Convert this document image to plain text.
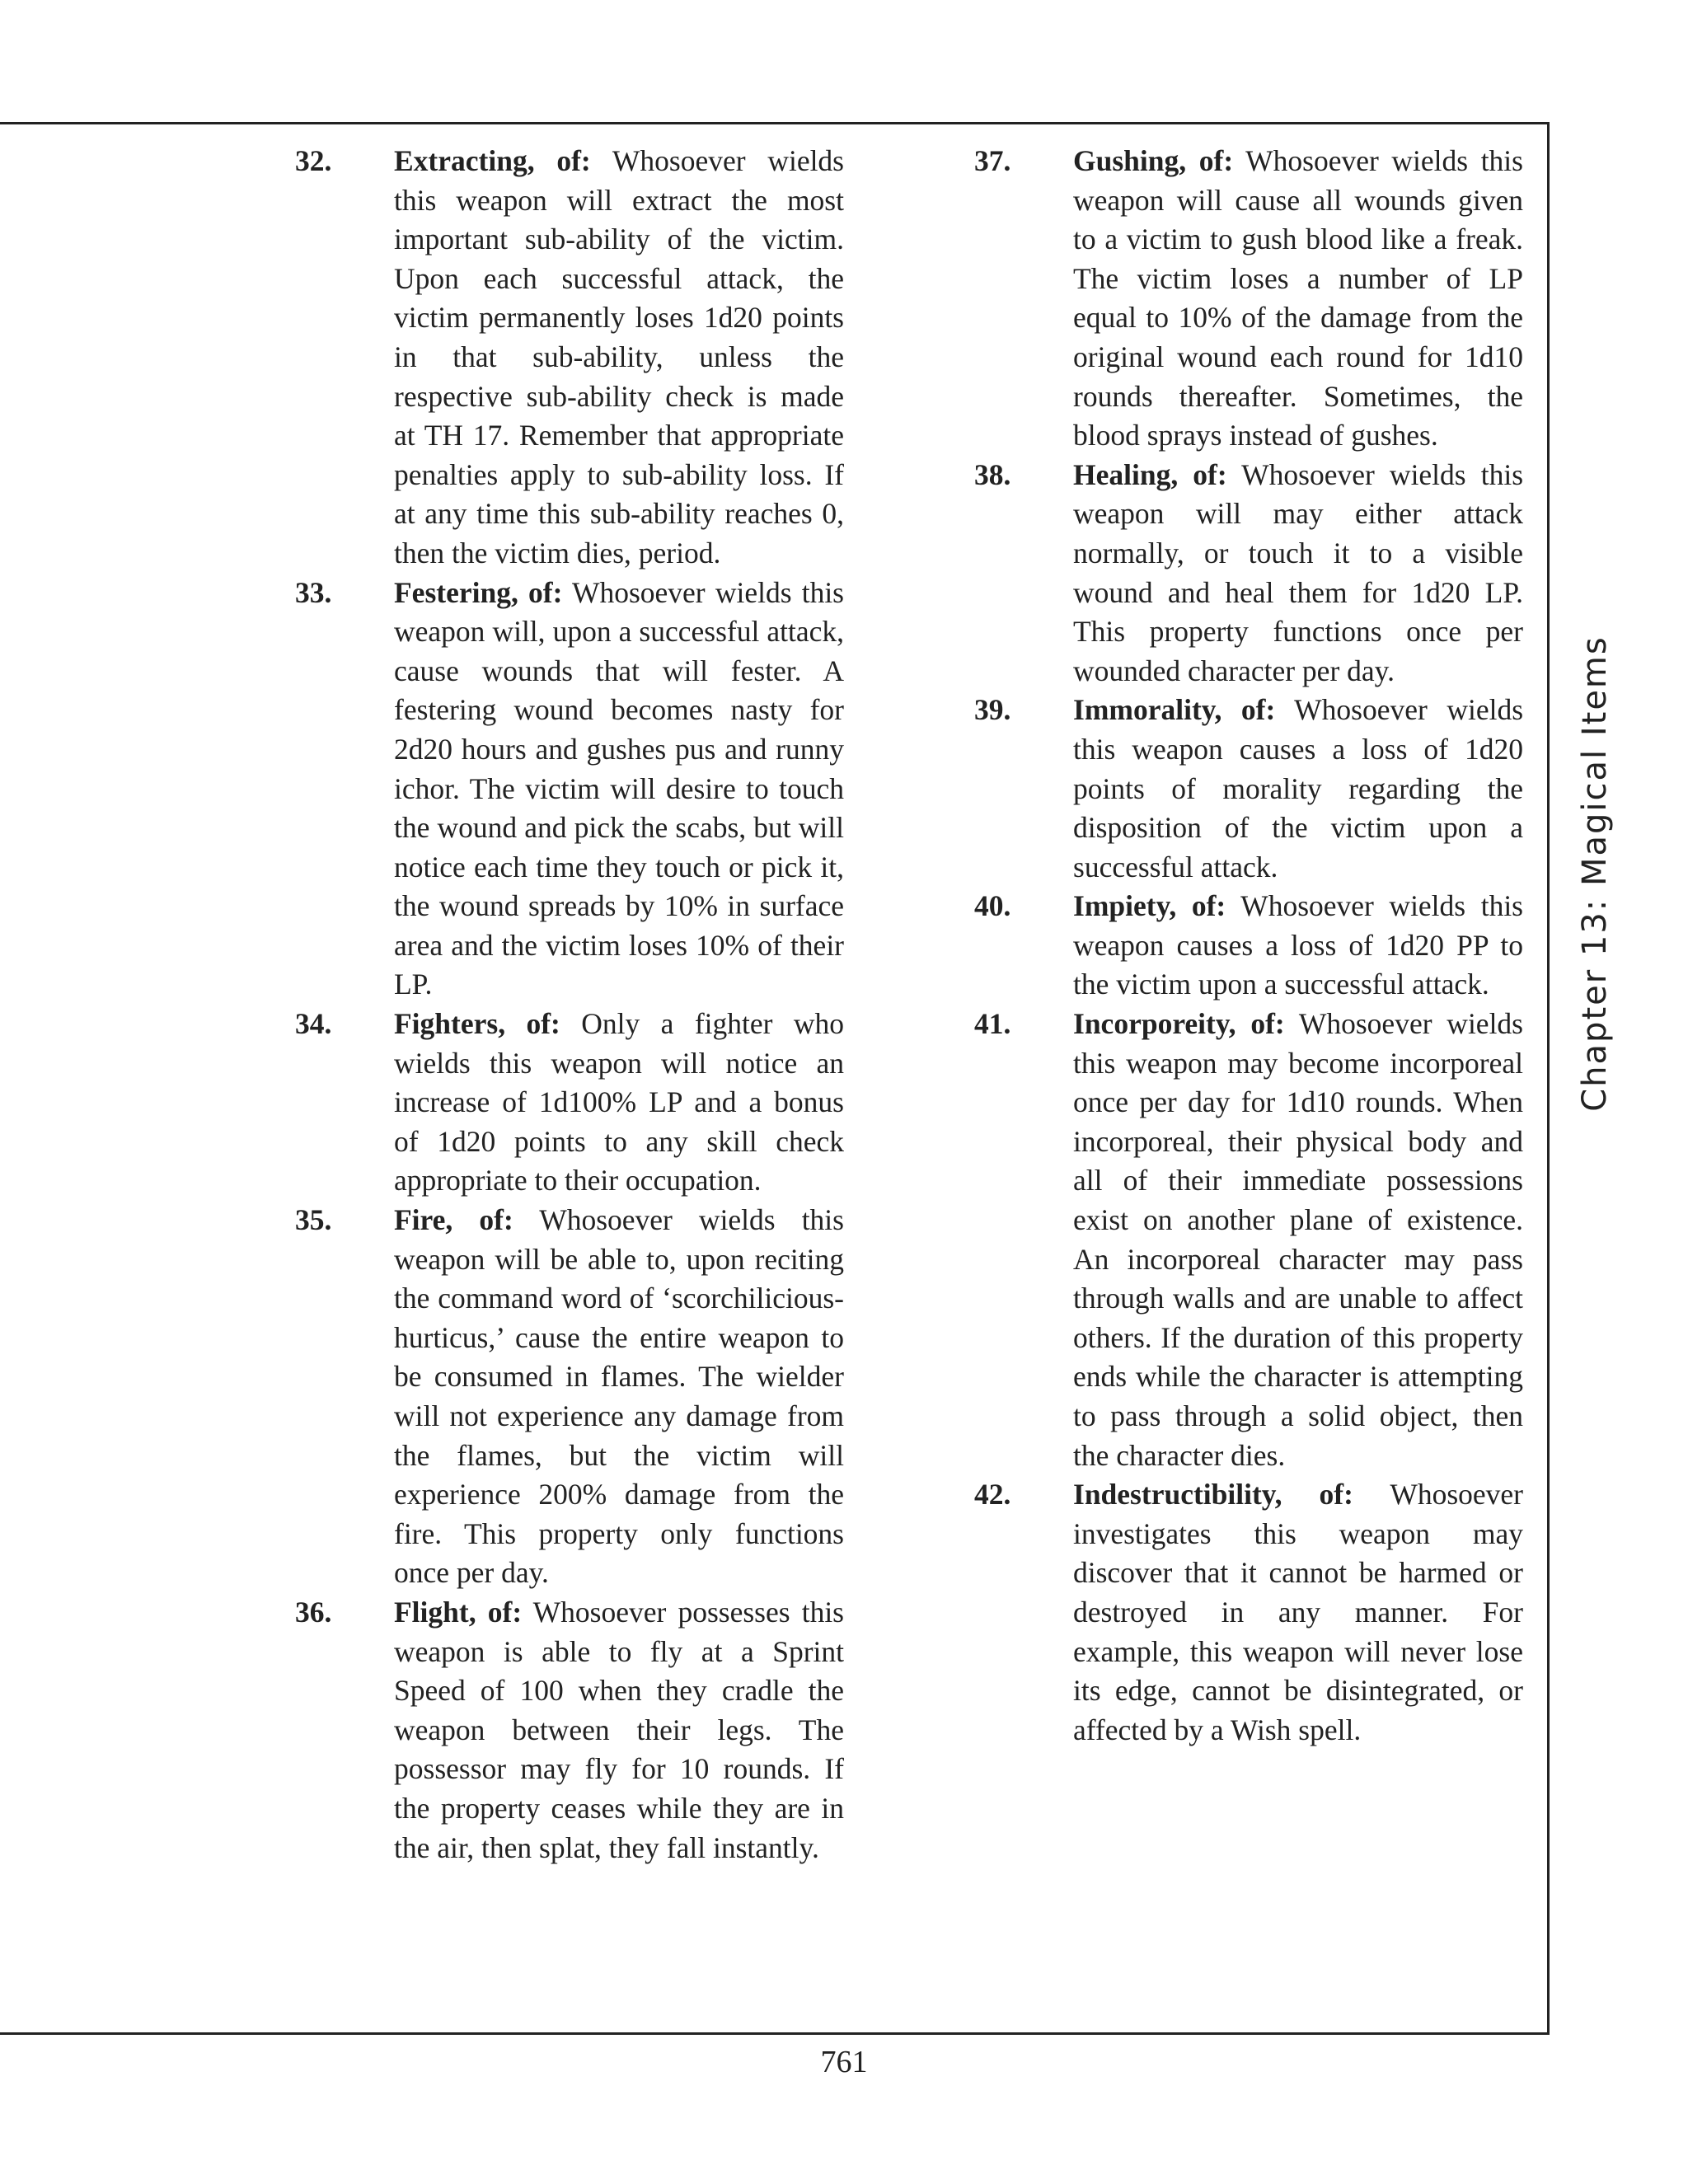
32.	Extracting, of: Whosoever wields this weapon will extract the most important sub-ability of the victim. Upon each successful attack, the victim permanently loses 1d20 points in that sub-ability, unless the respective sub-ability check is made at TH 17. Remember that appropriate penalties apply to sub-ability loss. If at any time this sub-ability reaches 0, then the victim dies, period.

33.	Festering, of: Whosoever wields this weapon will, upon a successful attack, cause wounds that will fester. A festering wound becomes nasty for 2d20 hours and gushes pus and runny ichor. The victim will desire to touch the wound and pick the scabs, but will notice each time they touch or pick it, the wound spreads by 10% in surface area and the victim loses 10% of their LP.

34.	Fighters, of: Only a fighter who wields this weapon will notice an increase of 1d100% LP and a bonus of 1d20 points to any skill check appropriate to their occupation.

35.	Fire, of: Whosoever wields this weapon will be able to, upon reciting the command word of ‘scorchilicious-hurticus,’ cause the entire weapon to be consumed in flames. The wielder will not experience any damage from the flames, but the victim will experience 200% damage from the fire. This property only functions once per day.

36.	Flight, of: Whosoever possesses this weapon is able to fly at a Sprint Speed of 100 when they cradle the weapon between their legs. The possessor may fly for 10 rounds. If the property ceases while they are in the air, then splat, they fall instantly.

37.	Gushing, of: Whosoever wields this weapon will cause all wounds given to a victim to gush blood like a freak. The victim loses a number of LP equal to 10% of the damage from the original wound each round for 1d10 rounds thereafter. Sometimes, the blood sprays instead of gushes.

38.	Healing, of: Whosoever wields this weapon will may either attack normally, or touch it to a visible wound and heal them for 1d20 LP. This property functions once per wounded character per day.

39.	Immorality, of: Whosoever wields this weapon causes a loss of 1d20 points of morality regarding the disposition of the victim upon a successful attack.

40.	Impiety, of: Whosoever wields this weapon causes a loss of 1d20 PP to the victim upon a successful attack.

41.	Incorporeity, of: Whosoever wields this weapon may become incorporeal once per day for 1d10 rounds. When incorporeal, their physical body and all of their immediate possessions exist on another plane of existence. An incorporeal character may pass through walls and are unable to affect others. If the duration of this property ends while the character is attempting to pass through a solid object, then the character dies.

42.	Indestructibility, of: Whosoever investigates this weapon may discover that it cannot be harmed or destroyed in any manner. For example, this weapon will never lose its edge, cannot be disintegrated, or affected by a Wish spell.

Chapter 13: Magical Items
761
